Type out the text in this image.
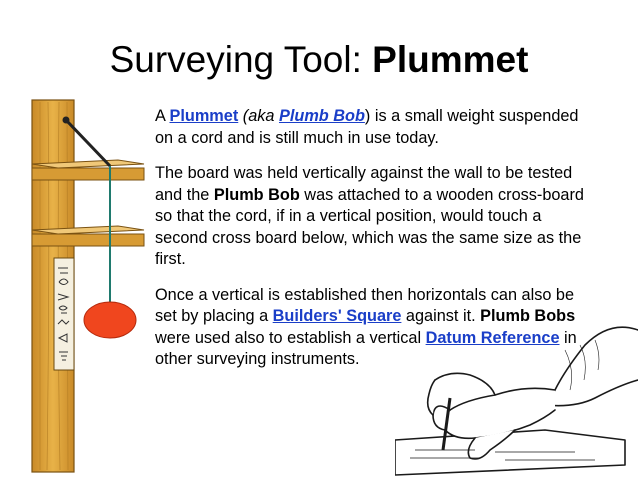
Surveying Tool: Plummet

A Plummet (aka Plumb Bob) is a small weight suspended on a cord and is still much in use today.

The board was held vertically against the wall to be tested and the Plumb Bob was attached to a wooden cross-board so that the cord, if in a vertical position, would touch a second cross board below, which was the same size as the first.

Once a vertical is established then horizontals can also be set by placing a Builders' Square against it. Plumb Bobs were used also to establish a vertical Datum Reference in other surveying instruments.
